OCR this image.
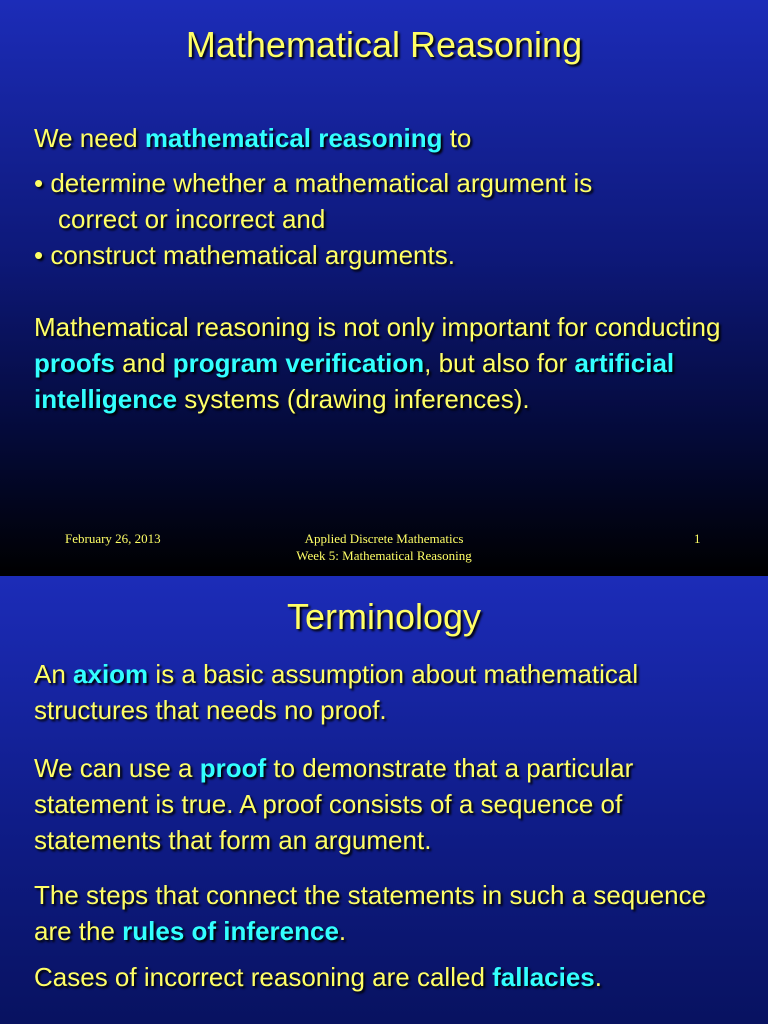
Mathematical Reasoning

We need mathematical reasoning to

• determine whether a mathematical argument is
correct or incorrect and

• construct mathematical arguments.

Mathematical reasoning is not only important for conducting proofs and program verification, but also for artificial intelligence systems (drawing inferences).

February 26, 2013	Applied Discrete Mathematics
Week 5: Mathematical Reasoning
1
Terminology

An axiom is a basic assumption about mathematical structures that needs no proof.

We can use a proof to demonstrate that a particular statement is true. A proof consists of a sequence of statements that form an argument.

The steps that connect the statements in such a sequence are the rules of inference.

Cases of incorrect reasoning are called fallacies.
